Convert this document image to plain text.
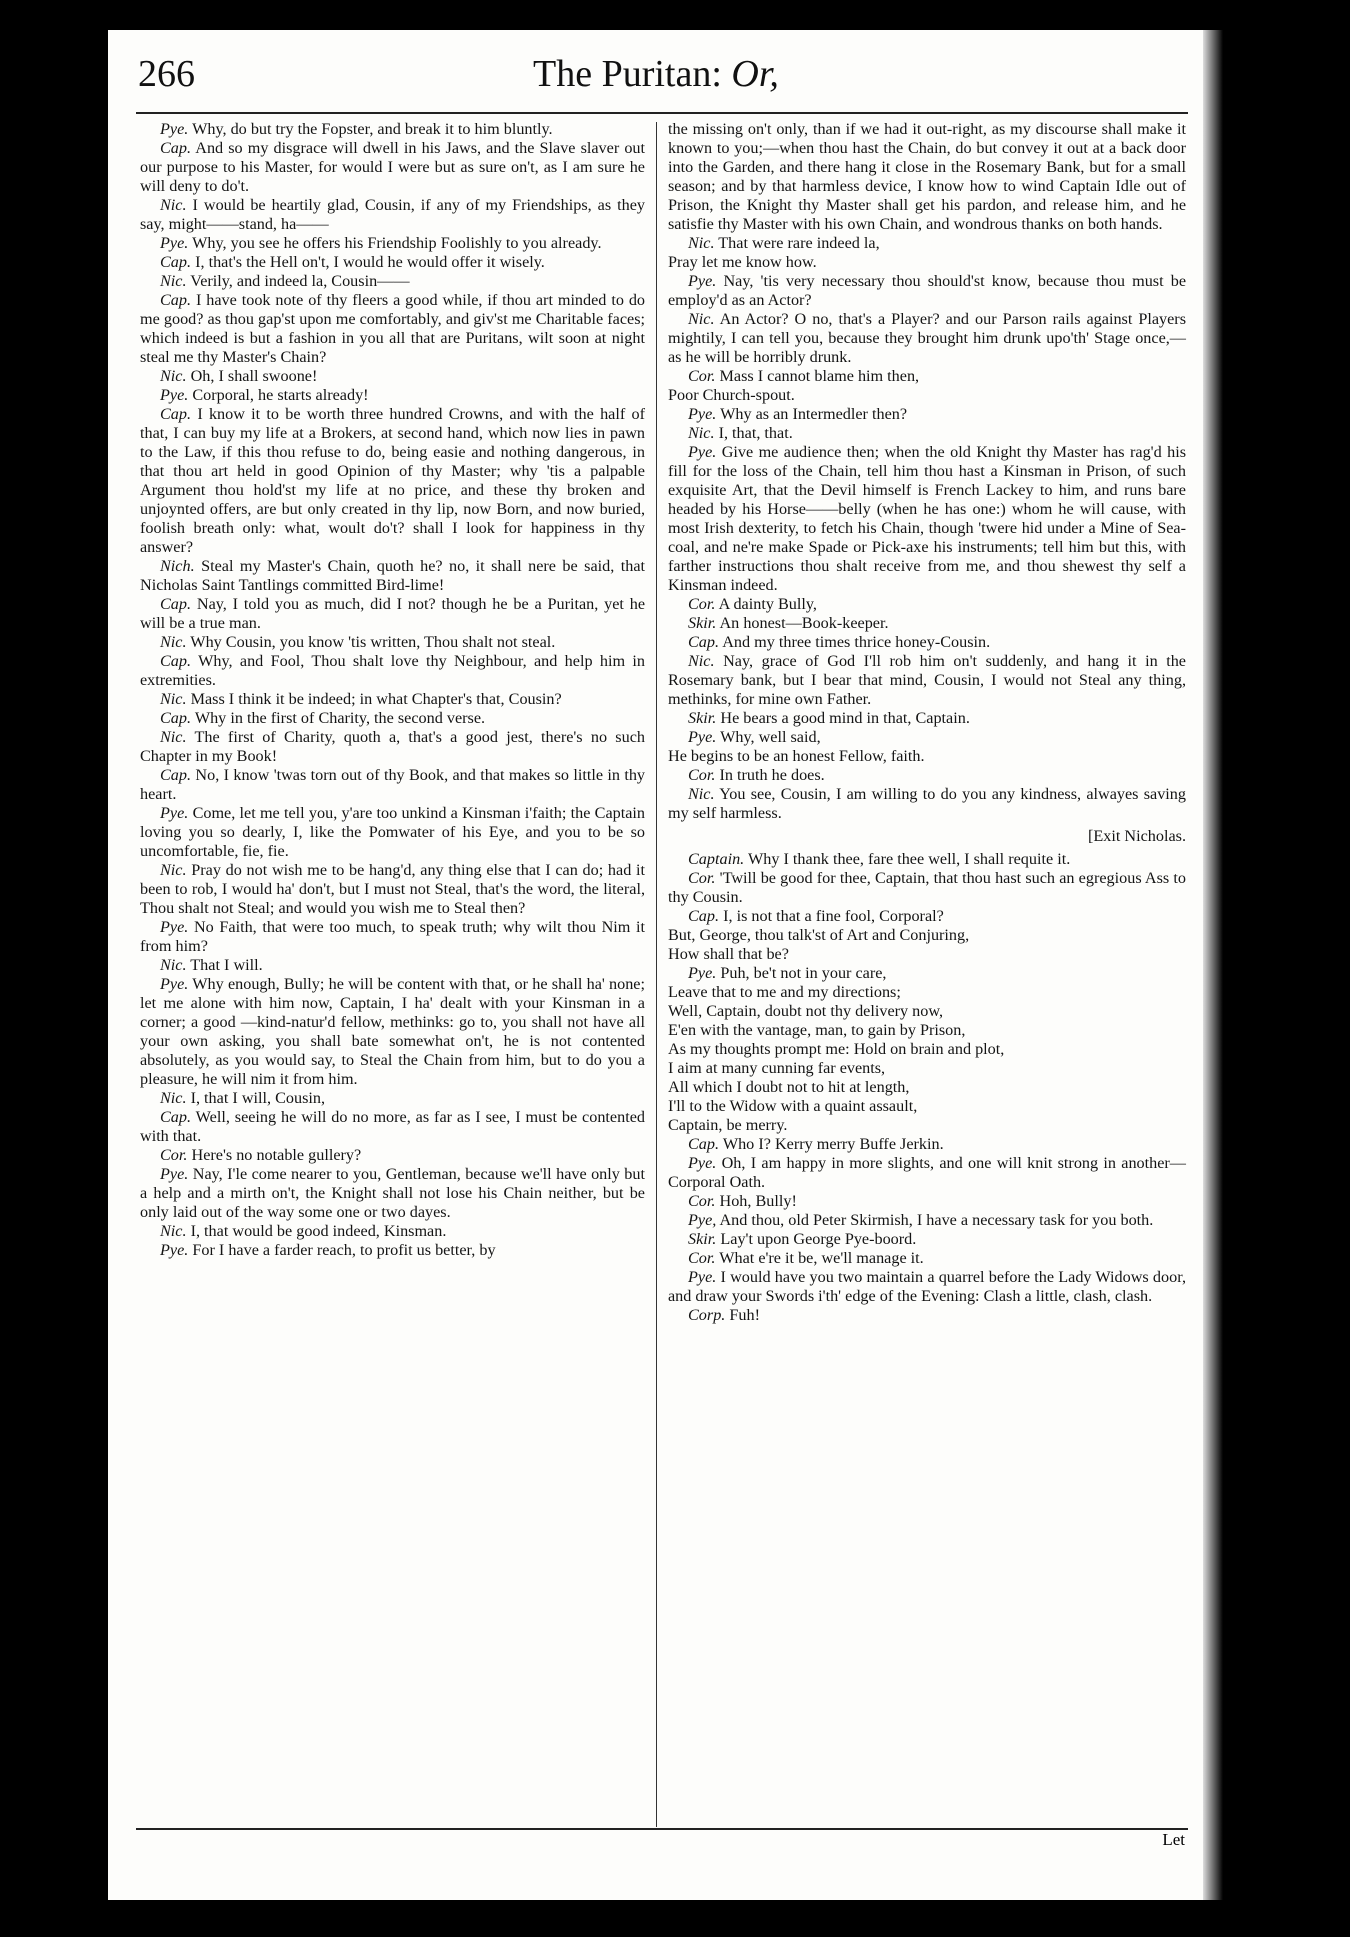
266	The Puritan: Or,

Pye. Why, do but try the Fopster, and break it to him bluntly.

Cap. And so my disgrace will dwell in his Jaws, and the Slave slaver out our purpose to his Master, for would I were but as sure on't, as I am sure he will deny to do't.

Nic. I would be heartily glad, Cousin, if any of my Friendships, as they say, might——stand, ha——

Pye. Why, you see he offers his Friendship Foolishly to you already.

Cap. I, that's the Hell on't, I would he would offer it wisely.

Nic. Verily, and indeed la, Cousin——

Cap. I have took note of thy fleers a good while, if thou art minded to do me good? as thou gap'st upon me comfortably, and giv'st me Charitable faces; which indeed is but a fashion in you all that are Puritans, wilt soon at night steal me thy Master's Chain?

Nic. Oh, I shall swoone!

Pye. Corporal, he starts already!

Cap. I know it to be worth three hundred Crowns, and with the half of that, I can buy my life at a Brokers, at second hand, which now lies in pawn to the Law, if this thou refuse to do, being easie and nothing dangerous, in that thou art held in good Opinion of thy Master; why 'tis a palpable Argument thou hold'st my life at no price, and these thy broken and unjoynted offers, are but only created in thy lip, now Born, and now buried, foolish breath only: what, woult do't? shall I look for happiness in thy answer?

Nich. Steal my Master's Chain, quoth he? no, it shall nere be said, that Nicholas Saint Tantlings committed Bird-lime!

Cap. Nay, I told you as much, did I not? though he be a Puritan, yet he will be a true man.

Nic. Why Cousin, you know 'tis written, Thou shalt not steal.

Cap. Why, and Fool, Thou shalt love thy Neighbour, and help him in extremities.

Nic. Mass I think it be indeed; in what Chapter's that, Cousin?

Cap. Why in the first of Charity, the second verse.

Nic. The first of Charity, quoth a, that's a good jest, there's no such Chapter in my Book!

Cap. No, I know 'twas torn out of thy Book, and that makes so little in thy heart.

Pye. Come, let me tell you, y'are too unkind a Kinsman i'faith; the Captain loving you so dearly, I, like the Pomwater of his Eye, and you to be so uncomfortable, fie, fie.

Nic. Pray do not wish me to be hang'd, any thing else that I can do; had it been to rob, I would ha' don't, but I must not Steal, that's the word, the literal, Thou shalt not Steal; and would you wish me to Steal then?

Pye. No Faith, that were too much, to speak truth; why wilt thou Nim it from him?

Nic. That I will.

Pye. Why enough, Bully; he will be content with that, or he shall ha' none; let me alone with him now, Captain, I ha' dealt with your Kinsman in a corner; a good —kind-natur'd fellow, methinks: go to, you shall not have all your own asking, you shall bate somewhat on't, he is not contented absolutely, as you would say, to Steal the Chain from him, but to do you a pleasure, he will nim it from him.

Nic. I, that I will, Cousin,

Cap. Well, seeing he will do no more, as far as I see, I must be contented with that.

Cor. Here's no notable gullery?

Pye. Nay, I'le come nearer to you, Gentleman, because we'll have only but a help and a mirth on't, the Knight shall not lose his Chain neither, but be only laid out of the way some one or two dayes.

Nic. I, that would be good indeed, Kinsman.

Pye. For I have a farder reach, to profit us better, by

the missing on't only, than if we had it out-right, as my discourse shall make it known to you;—when thou hast the Chain, do but convey it out at a back door into the Garden, and there hang it close in the Rosemary Bank, but for a small season; and by that harmless device, I know how to wind Captain Idle out of Prison, the Knight thy Master shall get his pardon, and release him, and he satisfie thy Master with his own Chain, and wondrous thanks on both hands.

Nic. That were rare indeed la,

Pray let me know how.

Pye. Nay, 'tis very necessary thou should'st know, because thou must be employ'd as an Actor?

Nic. An Actor? O no, that's a Player? and our Parson rails against Players mightily, I can tell you, because they brought him drunk upo'th' Stage once,—as he will be horribly drunk.

Cor. Mass I cannot blame him then,

Poor Church-spout.

Pye. Why as an Intermedler then?

Nic. I, that, that.

Pye. Give me audience then; when the old Knight thy Master has rag'd his fill for the loss of the Chain, tell him thou hast a Kinsman in Prison, of such exquisite Art, that the Devil himself is French Lackey to him, and runs bare headed by his Horse——belly (when he has one:) whom he will cause, with most Irish dexterity, to fetch his Chain, though 'twere hid under a Mine of Sea-coal, and ne're make Spade or Pick-axe his instruments; tell him but this, with farther instructions thou shalt receive from me, and thou shewest thy self a Kinsman indeed.

Cor. A dainty Bully,

Skir. An honest—Book-keeper.

Cap. And my three times thrice honey-Cousin.

Nic. Nay, grace of God I'll rob him on't suddenly, and hang it in the Rosemary bank, but I bear that mind, Cousin, I would not Steal any thing, methinks, for mine own Father.

Skir. He bears a good mind in that, Captain.

Pye. Why, well said,

He begins to be an honest Fellow, faith.

Cor. In truth he does.

Nic. You see, Cousin, I am willing to do you any kindness, alwayes saving my self harmless.

[Exit Nicholas.

Captain. Why I thank thee, fare thee well, I shall requite it.

Cor. 'Twill be good for thee, Captain, that thou hast such an egregious Ass to thy Cousin.

Cap. I, is not that a fine fool, Corporal?

But, George, thou talk'st of Art and Conjuring,

How shall that be?

Pye. Puh, be't not in your care,

Leave that to me and my directions;

Well, Captain, doubt not thy delivery now,

E'en with the vantage, man, to gain by Prison,

As my thoughts prompt me: Hold on brain and plot,

I aim at many cunning far events,

All which I doubt not to hit at length,

I'll to the Widow with a quaint assault,

Captain, be merry.

Cap. Who I? Kerry merry Buffe Jerkin.

Pye. Oh, I am happy in more slights, and one will knit strong in another—Corporal Oath.

Cor. Hoh, Bully!

Pye, And thou, old Peter Skirmish, I have a necessary task for you both.

Skir. Lay't upon George Pye-boord.

Cor. What e're it be, we'll manage it.

Pye. I would have you two maintain a quarrel before the Lady Widows door, and draw your Swords i'th' edge of the Evening: Clash a little, clash, clash.

Corp. Fuh!

Let
